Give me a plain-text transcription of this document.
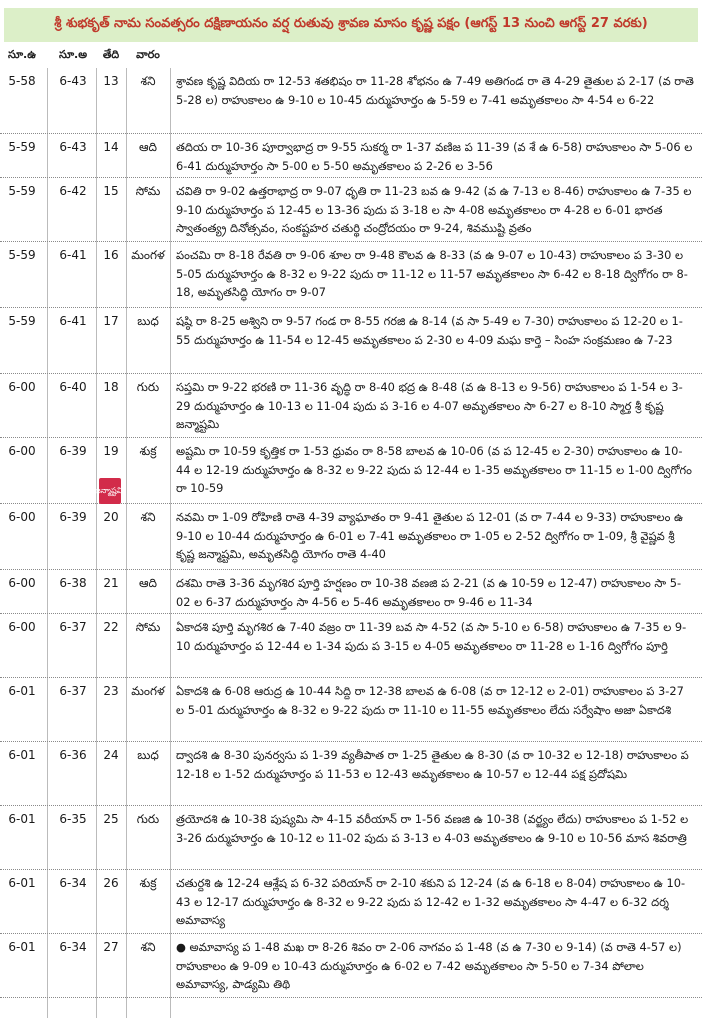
శ్రీ శుభకృత్ నామ సంవత్సరం దక్షిణాయనం వర్ష రుతువు శ్రావణ మాసం కృష్ణ పక్షం (ఆగస్ట్ 13 నుంచి ఆగస్ట్ 27 వరకు)
సూ.ఉ	సూ.అ	తేది	వారం
5-58	6-43	13	శని	శ్రావణ కృష్ణ విదియ రా 12-53 శతభిషం రా 11-28 శోభనం ఉ 7-49 అతిగండ రా తె 4-29 తైతుల ప 2-17 (వ రాతె 5-28 ల) రాహుకాలం ఉ 9-10 ల 10-45 దుర్ముహూర్తం ఉ 5-59 ల 7-41 అమృతకాలం సా 4-54 ల 6-22
5-59	6-43	14	ఆది	తదియ రా 10-36 పూర్వాభాద్ర రా 9-55 సుకర్మ రా 1-37 వణిజ ప 11-39 (వ శే ఉ 6-58) రాహుకాలం సా 5-06 ల 6-41 దుర్ముహూర్తం సా 5-00 ల 5-50 అమృతకాలం ప 2-26 ల 3-56
5-59	6-42	15	సోమ	చవితి రా 9-02 ఉత్తరాభాద్ర రా 9-07 ధృతి రా 11-23 బవ ఉ 9-42 (వ ఉ 7-13 ల 8-46) రాహుకాలం ఉ 7-35 ల 9-10 దుర్ముహూర్తం ప 12-45 ల 13-36 పుదు ప 3-18 ల సా 4-08 అమృతకాలం రా 4-28 ల 6-01 భారత స్వాతంత్య్ర దినోత్సవం, సంకష్టహర చతుర్థి చంద్రోదయం రా 9-24, శివముష్టి వ్రతం
5-59	6-41	16	మంగళ పంచమి రా 8-18 రేవతి రా 9-06 శూల రా 9-48 కౌలవ ఉ 8-33 (వ ఉ 9-07 ల 10-43) రాహుకాలం ప 3-30 ల 5-05 దుర్ముహూర్తం ఉ 8-32 ల 9-22 పుదు రా 11-12 ల 11-57 అమృతకాలం సా 6-42 ల 8-18 ద్విగోగం రా 8-18, అమృతసిద్ధి యోగం రా 9-07
5-59	6-41	17	బుధ	షష్ఠి రా 8-25 అశ్విని రా 9-57 గండ రా 8-55 గరజి ఉ 8-14 (వ సా 5-49 ల 7-30) రాహుకాలం ప 12-20 ల 1-55 దుర్ముహూర్తం ఉ 11-54 ల 12-45 అమృతకాలం ప 2-30 ల 4-09 మఘ కార్తె – సింహ సంక్రమణం ఉ 7-23
6-00	6-40	18	గురు	సప్తమి రా 9-22 భరణి రా 11-36 వృద్ధి రా 8-40 భద్ర ఉ 8-48 (వ ఉ 8-13 ల 9-56) రాహుకాలం ప 1-54 ల 3-29 దుర్ముహూర్తం ఉ 10-13 ల 11-04 పుదు ప 3-16 ల 4-07 అమృతకాలం సా 6-27 ల 8-10 స్మార్త శ్రీ కృష్ణ జన్మాష్టమి
6-00	6-39	19	శుక్ర	అష్టమి రా 10-59 కృత్తిక రా 1-53 ధ్రువం రా 8-58 బాలవ ఉ 10-06 (వ ప 12-45 ల 2-30) రాహుకాలం ఉ 10-44 ల 12-19 దుర్ముహూర్తం ఉ 8-32 ల 9-22 పుదు ప 12-44 ల 1-35 అమృతకాలం రా 11-15 ల 1-00 ద్విగోగం రా 10-59
6-00	6-39	20	శని	నవమి రా 1-09 రోహిణి రాతె 4-39 వ్యాఘాతం రా 9-41 తైతుల ప 12-01 (వ రా 7-44 ల 9-33) రాహుకాలం ఉ 9-10 ల 10-44 దుర్ముహూర్తం ఉ 6-01 ల 7-41 అమృతకాలం రా 1-05 ల 2-52 ద్విగోగం రా 1-09, శ్రీ వైష్ణవ శ్రీ కృష్ణ జన్మాష్టమి, అమృతసిద్ధి యోగం రాతె 4-40
6-00	6-38	21	ఆది	దశమి రాతె 3-36 మృగశిర పూర్తి హర్షణం రా 10-38 వణజి ప 2-21 (వ ఉ 10-59 ల 12-47) రాహుకాలం సా 5-02 ల 6-37 దుర్ముహూర్తం సా 4-56 ల 5-46 అమృతకాలం రా 9-46 ల 11-34
6-00	6-37	22	సోమ	ఏకాదశి పూర్తి మృగశిర ఉ 7-40 వజ్రం రా 11-39 బవ సా 4-52 (వ సా 5-10 ల 6-58) రాహుకాలం ఉ 7-35 ల 9-10 దుర్ముహూర్తం ప 12-44 ల 1-34 పుదు ప 3-15 ల 4-05 అమృతకాలం రా 11-28 ల 1-16 ద్విగోగం పూర్తి
6-01	6-37	23	మంగళ ఏకాదశి ఉ 6-08 ఆరుద్ర ఉ 10-44 సిద్ది రా 12-38 బాలవ ఉ 6-08 (వ రా 12-12 ల 2-01) రాహుకాలం ప 3-27 ల 5-01 దుర్ముహూర్తం ఉ 8-32 ల 9-22 పుదు రా 11-10 ల 11-55 అమృతకాలం లేదు సర్వేషాం అజా ఏకాదశి
6-01	6-36	24	బుధ	ద్వాదశి ఉ 8-30 పునర్వసు ప 1-39 వ్యతీపాత రా 1-25 తైతుల ఉ 8-30 (వ రా 10-32 ల 12-18) రాహుకాలం ప 12-18 ల 1-52 దుర్ముహూర్తం ప 11-53 ల 12-43 అమృతకాలం ఉ 10-57 ల 12-44 పక్ష ప్రదోషమి
6-01	6-35	25	గురు	త్రయోదశి ఉ 10-38 పుష్యమి సా 4-15 వరీయాన్ రా 1-56 వణజి ఉ 10-38 (వర్జ్యం లేదు) రాహుకాలం ప 1-52 ల 3-26 దుర్ముహూర్తం ఉ 10-12 ల 11-02 పుదు ప 3-13 ల 4-03 అమృతకాలం ఉ 9-10 ల 10-56 మాస శివరాత్రి
6-01	6-34	26	శుక్ర	చతుర్దశి ఉ 12-24 ఆశ్లేష ప 6-32 పరియాన్ రా 2-10 శకుని ప 12-24 (వ ఉ 6-18 ల 8-04) రాహుకాలం ఉ 10-43 ల 12-17 దుర్ముహూర్తం ఉ 8-32 ల 9-22 పుదు ప 12-42 ల 1-32 అమృతకాలం సా 4-47 ల 6-32 దర్శ అమావాస్య
6-01	6-34	27	శని	● అమావాస్య ప 1-48 మఖ రా 8-26 శివం రా 2-06 నాగవం ప 1-48 (వ ఉ 7-30 ల 9-14) (వ రాతె 4-57 ల) రాహుకాలం ఉ 9-09 ల 10-43 దుర్ముహూర్తం ఉ 6-02 ల 7-42 అమృతకాలం సా 5-50 ల 7-34 పోలాల అమావాస్య, పాడ్యమి తిథి
జన్మాష్టమి
